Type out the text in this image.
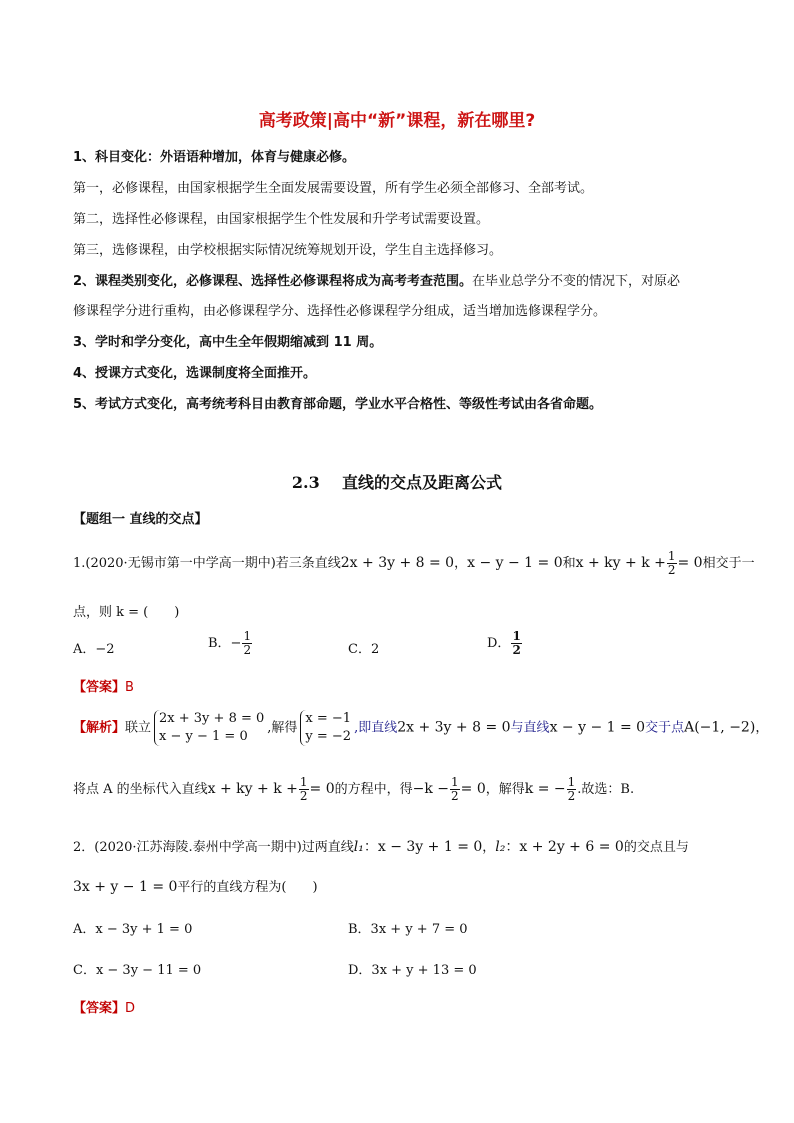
高考政策|高中“新”课程，新在哪里?
1、科目变化：外语语种增加，体育与健康必修。
第一，必修课程，由国家根据学生全面发展需要设置，所有学生必须全部修习、全部考试。
第二，选择性必修课程，由国家根据学生个性发展和升学考试需要设置。
第三，选修课程，由学校根据实际情况统筹规划开设，学生自主选择修习。
2、课程类别变化，必修课程、选择性必修课程将成为高考考查范围。在毕业总学分不变的情况下，对原必
修课程学分进行重构，由必修课程学分、选择性必修课程学分组成，适当增加选修课程学分。
3、学时和学分变化，高中生全年假期缩减到 11 周。
4、授课方式变化，选课制度将全面推开。
5、考试方式变化，高考统考科目由教育部命题，学业水平合格性、等级性考试由各省命题。
2.3 直线的交点及距离公式
【题组一 直线的交点】
1.(2020·无锡市第一中学高一期中)若三条直线2x + 3y + 8 = 0，x − y − 1 = 0和x + ky + $k + \frac{1}{2} = 0$相交于一
点，则 k = (　　)
A．−2	B．− $\frac{1}{2}$	C．2	D． $\frac{1}{2}$
【答案】B
【解析】联立
2x + 3y + 8 = 0
x − y − 1 = 0
,解得
x = −1
y = −2
,即直线2x + 3y + 8 = 0与直线x − y − 1 = 0交于点A(−1, −2)，
将点 A 的坐标代入直线x + ky + $k + \frac{1}{2} = 0$的方程中，得$-k - \frac{1}{2} = 0$，解得k = − $\frac{1}{2}$ .故选：B.
2．(2020·江苏海陵.泰州中学高一期中)过两直线l₁：x − 3y + 1 = 0，l₂：x + 2y + 6 = 0的交点且与
3x + y − 1 = 0平行的直线方程为(　　)
A．x − 3y + 1 = 0	B．3x + y + 7 = 0
C．x − 3y − 11 = 0	D．3x + y + 13 = 0
【答案】D
